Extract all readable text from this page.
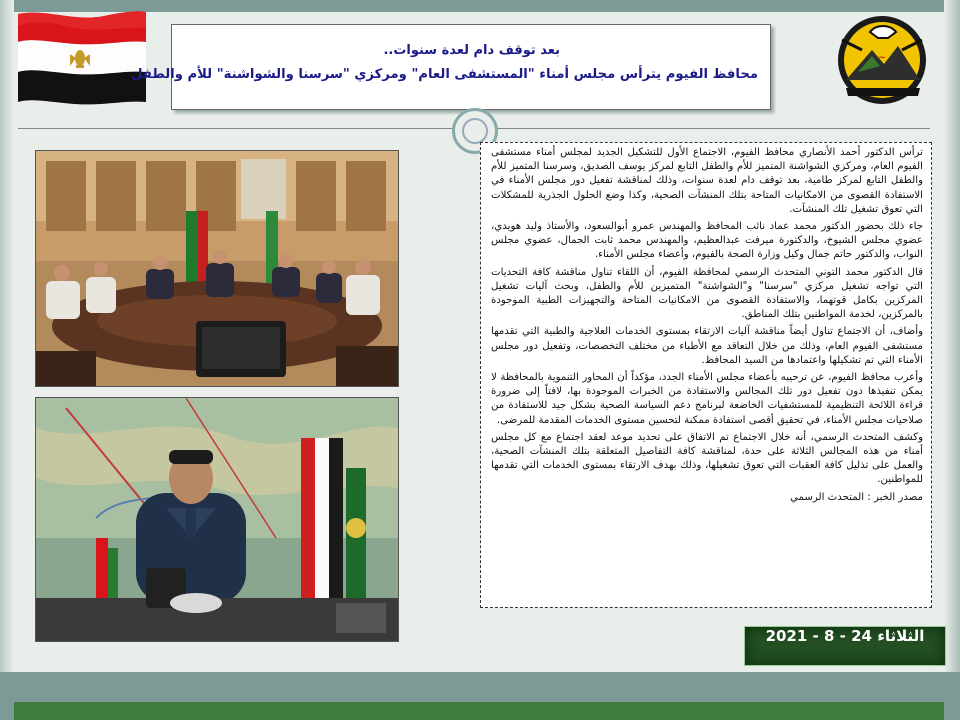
~
بعد توقف دام لعدة سنوات..
محافظ الفيوم يترأس مجلس أمناء "المستشفى العام" ومركزي "سرسنا والشواشنة" للأم والطفل

ترأس الدكتور أحمد الأنصاري محافظ الفيوم، الاجتماع الأول للتشكيل الجديد لمجلس أمناء مستشفى الفيوم العام، ومركزي الشواشنة المتميز للأم والطفل التابع لمركز يوسف الصديق، وسرسنا المتميز للأم والطفل التابع لمركز طامية، بعد توقف دام لعدة سنوات، وذلك لمناقشة تفعيل دور مجلس الأمناء في الاستفادة القصوى من الامكانيات المتاحة بتلك المنشآت الصحية، وكذا وضع الحلول الجذرية للمشكلات التي تعوق تشغيل تلك المنشآت.

جاء ذلك بحضور الدكتور محمد عماد نائب المحافظ والمهندس عمرو أبوالسعود، والأستاذ وليد هويدي، عضوي مجلس الشيوخ، والدكتورة ميرفت عبدالعظيم، والمهندس محمد ثابت الجمال، عضوي مجلس النواب، والدكتور حاتم جمال وكيل وزارة الصحة بالفيوم، وأعضاء مجلس الأمناء.

قال الدكتور محمد التوني المتحدث الرسمي لمحافظة الفيوم، أن اللقاء تناول مناقشة كافة التحديات التي تواجه تشغيل مركزي "سرسنا" و"الشواشنة" المتميزين للأم والطفل، وبحث آليات تشغيل المركزين بكامل قوتهما، والاستفادة القصوى من الامكانيات المتاحة والتجهيزات الطبية الموجودة بالمركزين، لخدمة المواطنين بتلك المناطق.

وأضاف، أن الاجتماع تناول أيضاً مناقشة آليات الارتقاء بمستوى الخدمات العلاجية والطبية التي تقدمها مستشفى الفيوم العام، وذلك من خلال التعاقد مع الأطباء من مختلف التخصصات، وتفعيل دور مجلس الأمناء التي تم تشكيلها واعتمادها من السيد المحافظ.

وأعرب محافظ الفيوم، عن ترحيبه بأعضاء مجلس الأمناء الجدد، مؤكداً أن المحاور التنموية بالمحافظة لا يمكن تنفيذها دون تفعيل دور تلك المجالس والاستفادة من الخبرات الموجودة بها، لافتاً إلى ضرورة قراءة اللائحة التنظيمية للمستشفيات الخاضعة لبرنامج دعم السياسة الصحية بشكل جيد للاستفادة من صلاحيات مجلس الأمناء، في تحقيق أقصى استفادة ممكنة لتحسين مستوى الخدمات المقدمة للمرضى.

وكشف المتحدث الرسمي، أنه خلال الاجتماع تم الاتفاق على تحديد موعد لعقد اجتماع مع كل مجلس أمناء من هذه المجالس الثلاثة على حدة، لمناقشة كافة التفاصيل المتعلقة بتلك المنشآت الصحية، والعمل على تذليل كافة العقبات التي تعوق تشغيلها، وذلك بهدف الارتقاء بمستوى الخدمات التي تقدمها للمواطنين.

مصدر الخبر : المتحدث الرسمي

الثلاثاء 24 - 8 - 2021
